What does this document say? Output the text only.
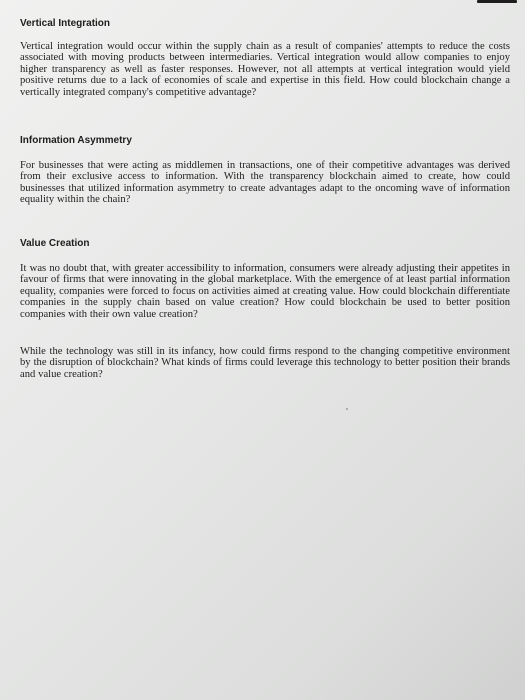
Vertical Integration

Vertical integration would occur within the supply chain as a result of companies' attempts to reduce the costs associated with moving products between intermediaries. Vertical integration would allow companies to enjoy higher transparency as well as faster responses. However, not all attempts at vertical integration would yield positive returns due to a lack of economies of scale and expertise in this field. How could blockchain change a vertically integrated company's competitive advantage?

Information Asymmetry

For businesses that were acting as middlemen in transactions, one of their competitive advantages was derived from their exclusive access to information. With the transparency blockchain aimed to create, how could businesses that utilized information asymmetry to create advantages adapt to the oncoming wave of information equality within the chain?

Value Creation

It was no doubt that, with greater accessibility to information, consumers were already adjusting their appetites in favour of firms that were innovating in the global marketplace. With the emergence of at least partial information equality, companies were forced to focus on activities aimed at creating value. How could blockchain differentiate companies in the supply chain based on value creation? How could blockchain be used to better position companies with their own value creation?

While the technology was still in its infancy, how could firms respond to the changing competitive environment by the disruption of blockchain? What kinds of firms could leverage this technology to better position their brands and value creation?
